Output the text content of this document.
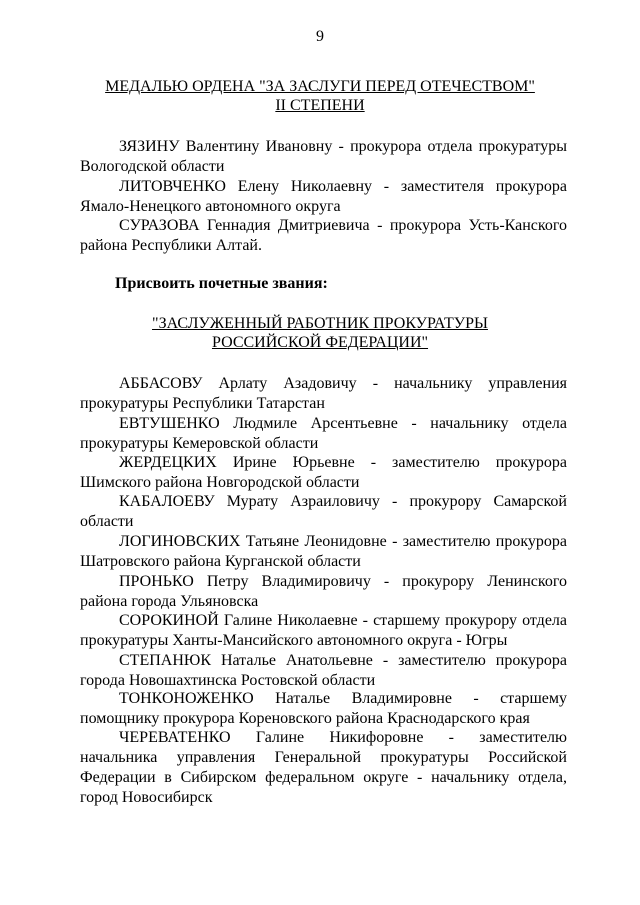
9
МЕДАЛЬЮ ОРДЕНА "ЗА ЗАСЛУГИ ПЕРЕД ОТЕЧЕСТВОМ"
II СТЕПЕНИ
ЗЯЗИНУ Валентину Ивановну - прокурора отдела прокуратуры
Вологодской области
ЛИТОВЧЕНКО Елену Николаевну - заместителя прокурора
Ямало-Ненецкого автономного округа
СУРАЗОВА Геннадия Дмитриевича - прокурора Усть-Канского
района Республики Алтай.
Присвоить почетные звания:
"ЗАСЛУЖЕННЫЙ РАБОТНИК ПРОКУРАТУРЫ
РОССИЙСКОЙ ФЕДЕРАЦИИ"
АББАСОВУ Арлату Азадовичу - начальнику управления
прокуратуры Республики Татарстан
ЕВТУШЕНКО Людмиле Арсентьевне - начальнику отдела
прокуратуры Кемеровской области
ЖЕРДЕЦКИХ Ирине Юрьевне - заместителю прокурора
Шимского района Новгородской области
КАБАЛОЕВУ Мурату Азраиловичу - прокурору Самарской
области
ЛОГИНОВСКИХ Татьяне Леонидовне - заместителю прокурора
Шатровского района Курганской области
ПРОНЬКО Петру Владимировичу - прокурору Ленинского
района города Ульяновска
СОРОКИНОЙ Галине Николаевне - старшему прокурору отдела
прокуратуры Ханты-Мансийского автономного округа - Югры
СТЕПАНЮК Наталье Анатольевне - заместителю прокурора
города Новошахтинска Ростовской области
ТОНКОНОЖЕНКО Наталье Владимировне - старшему
помощнику прокурора Кореновского района Краснодарского края
ЧЕРЕВАТЕНКО Галине Никифоровне - заместителю
начальника управления Генеральной прокуратуры Российской Федерации в Сибирском федеральном округе - начальнику отдела, город Новосибирск
